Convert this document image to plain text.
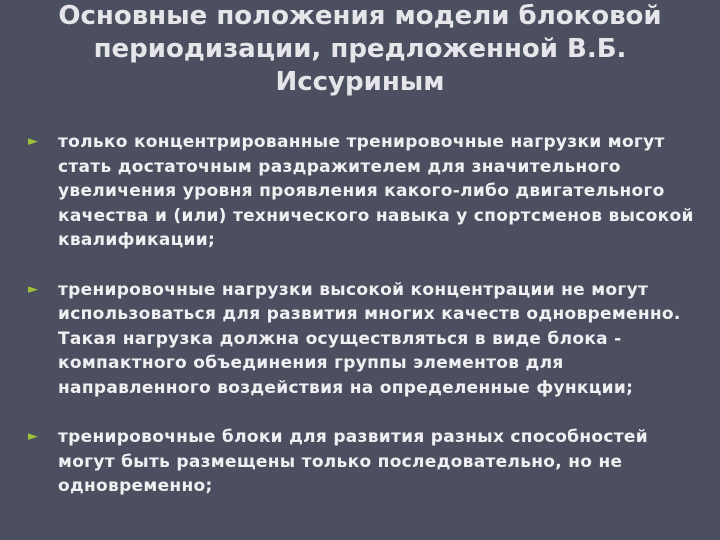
Основные положения модели блоковой периодизации, предложенной В.Б. Иссуриным
► только концентрированные тренировочные нагрузки могут стать достаточным раздражителем для значительного увеличения уровня проявления какого-либо двигательного качества и (или) технического навыка у спортсменов высокой квалификации;
► тренировочные нагрузки высокой концентрации не могут использоваться для развития многих качеств одновременно. Такая нагрузка должна осуществляться в виде блока - компактного объединения группы элементов для направленного воздействия на определенные функции;
► тренировочные блоки для развития разных способностей могут быть размещены только последовательно, но не одновременно;
